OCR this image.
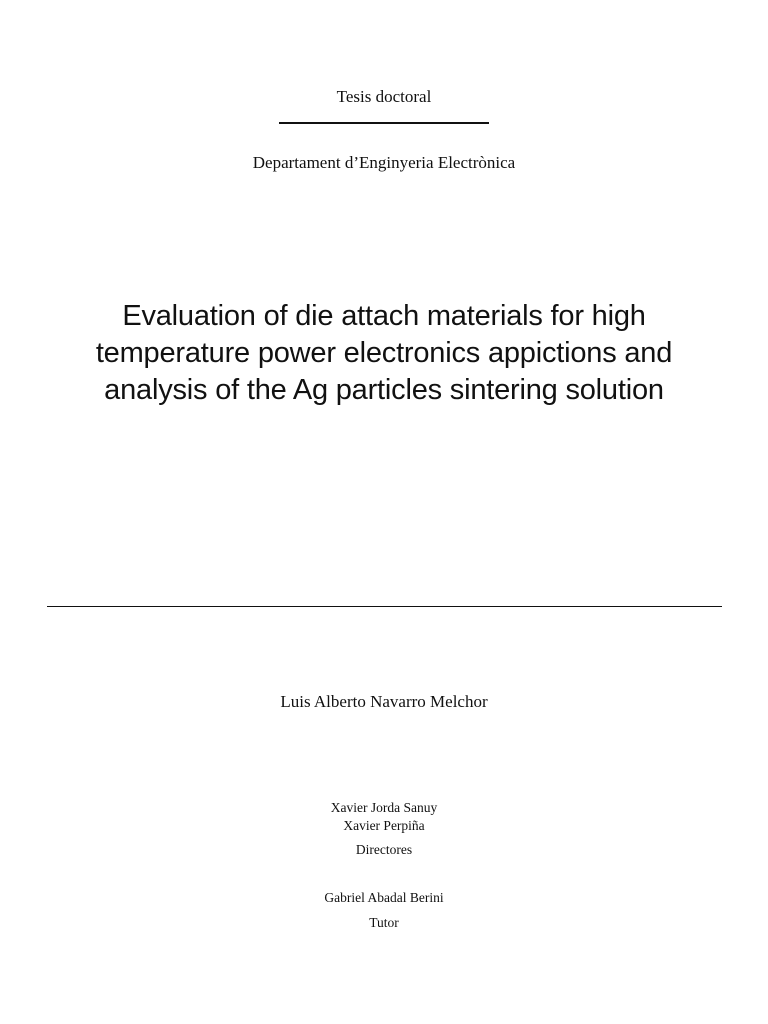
Tesis doctoral

Departament d’Enginyeria Electrònica

Evaluation of die attach materials for high
temperature power electronics appictions and
analysis of the Ag particles sintering solution

Luis Alberto Navarro Melchor

Xavier Jorda Sanuy

Xavier Perpiña

Directores

Gabriel Abadal Berini

Tutor
